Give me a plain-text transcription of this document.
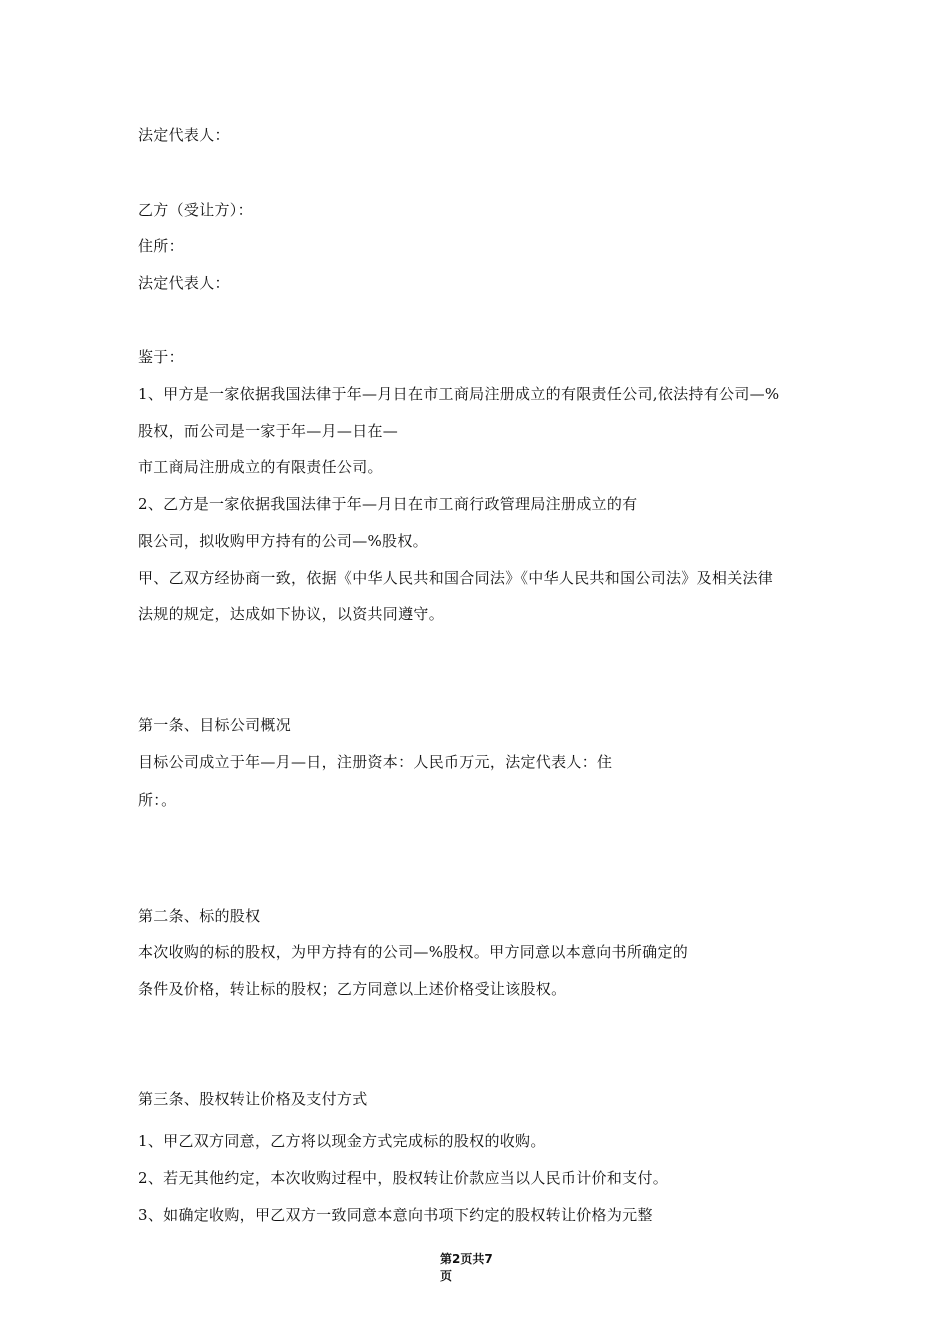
法定代表人：
乙方（受让方）：
住所：
法定代表人：
鉴于：
1、甲方是一家依据我国法律于年—月日在市工商局注册成立的有限责任公司,依法持有公司—%
股权，而公司是一家于年—月—日在—
市工商局注册成立的有限责任公司。
2、乙方是一家依据我国法律于年—月日在市工商行政管理局注册成立的有
限公司，拟收购甲方持有的公司—%股权。
甲、乙双方经协商一致，依据《中华人民共和国合同法》《中华人民共和国公司法》及相关法律
法规的规定，达成如下协议，以资共同遵守。
第一条、目标公司概况
目标公司成立于年—月—日，注册资本：人民币万元，法定代表人：住
所：。
第二条、标的股权
本次收购的标的股权，为甲方持有的公司—%股权。甲方同意以本意向书所确定的
条件及价格，转让标的股权；乙方同意以上述价格受让该股权。
第三条、股权转让价格及支付方式
1、甲乙双方同意，乙方将以现金方式完成标的股权的收购。
2、若无其他约定，本次收购过程中，股权转让价款应当以人民币计价和支付。
3、如确定收购，甲乙双方一致同意本意向书项下约定的股权转让价格为元整
第2页共7
页
